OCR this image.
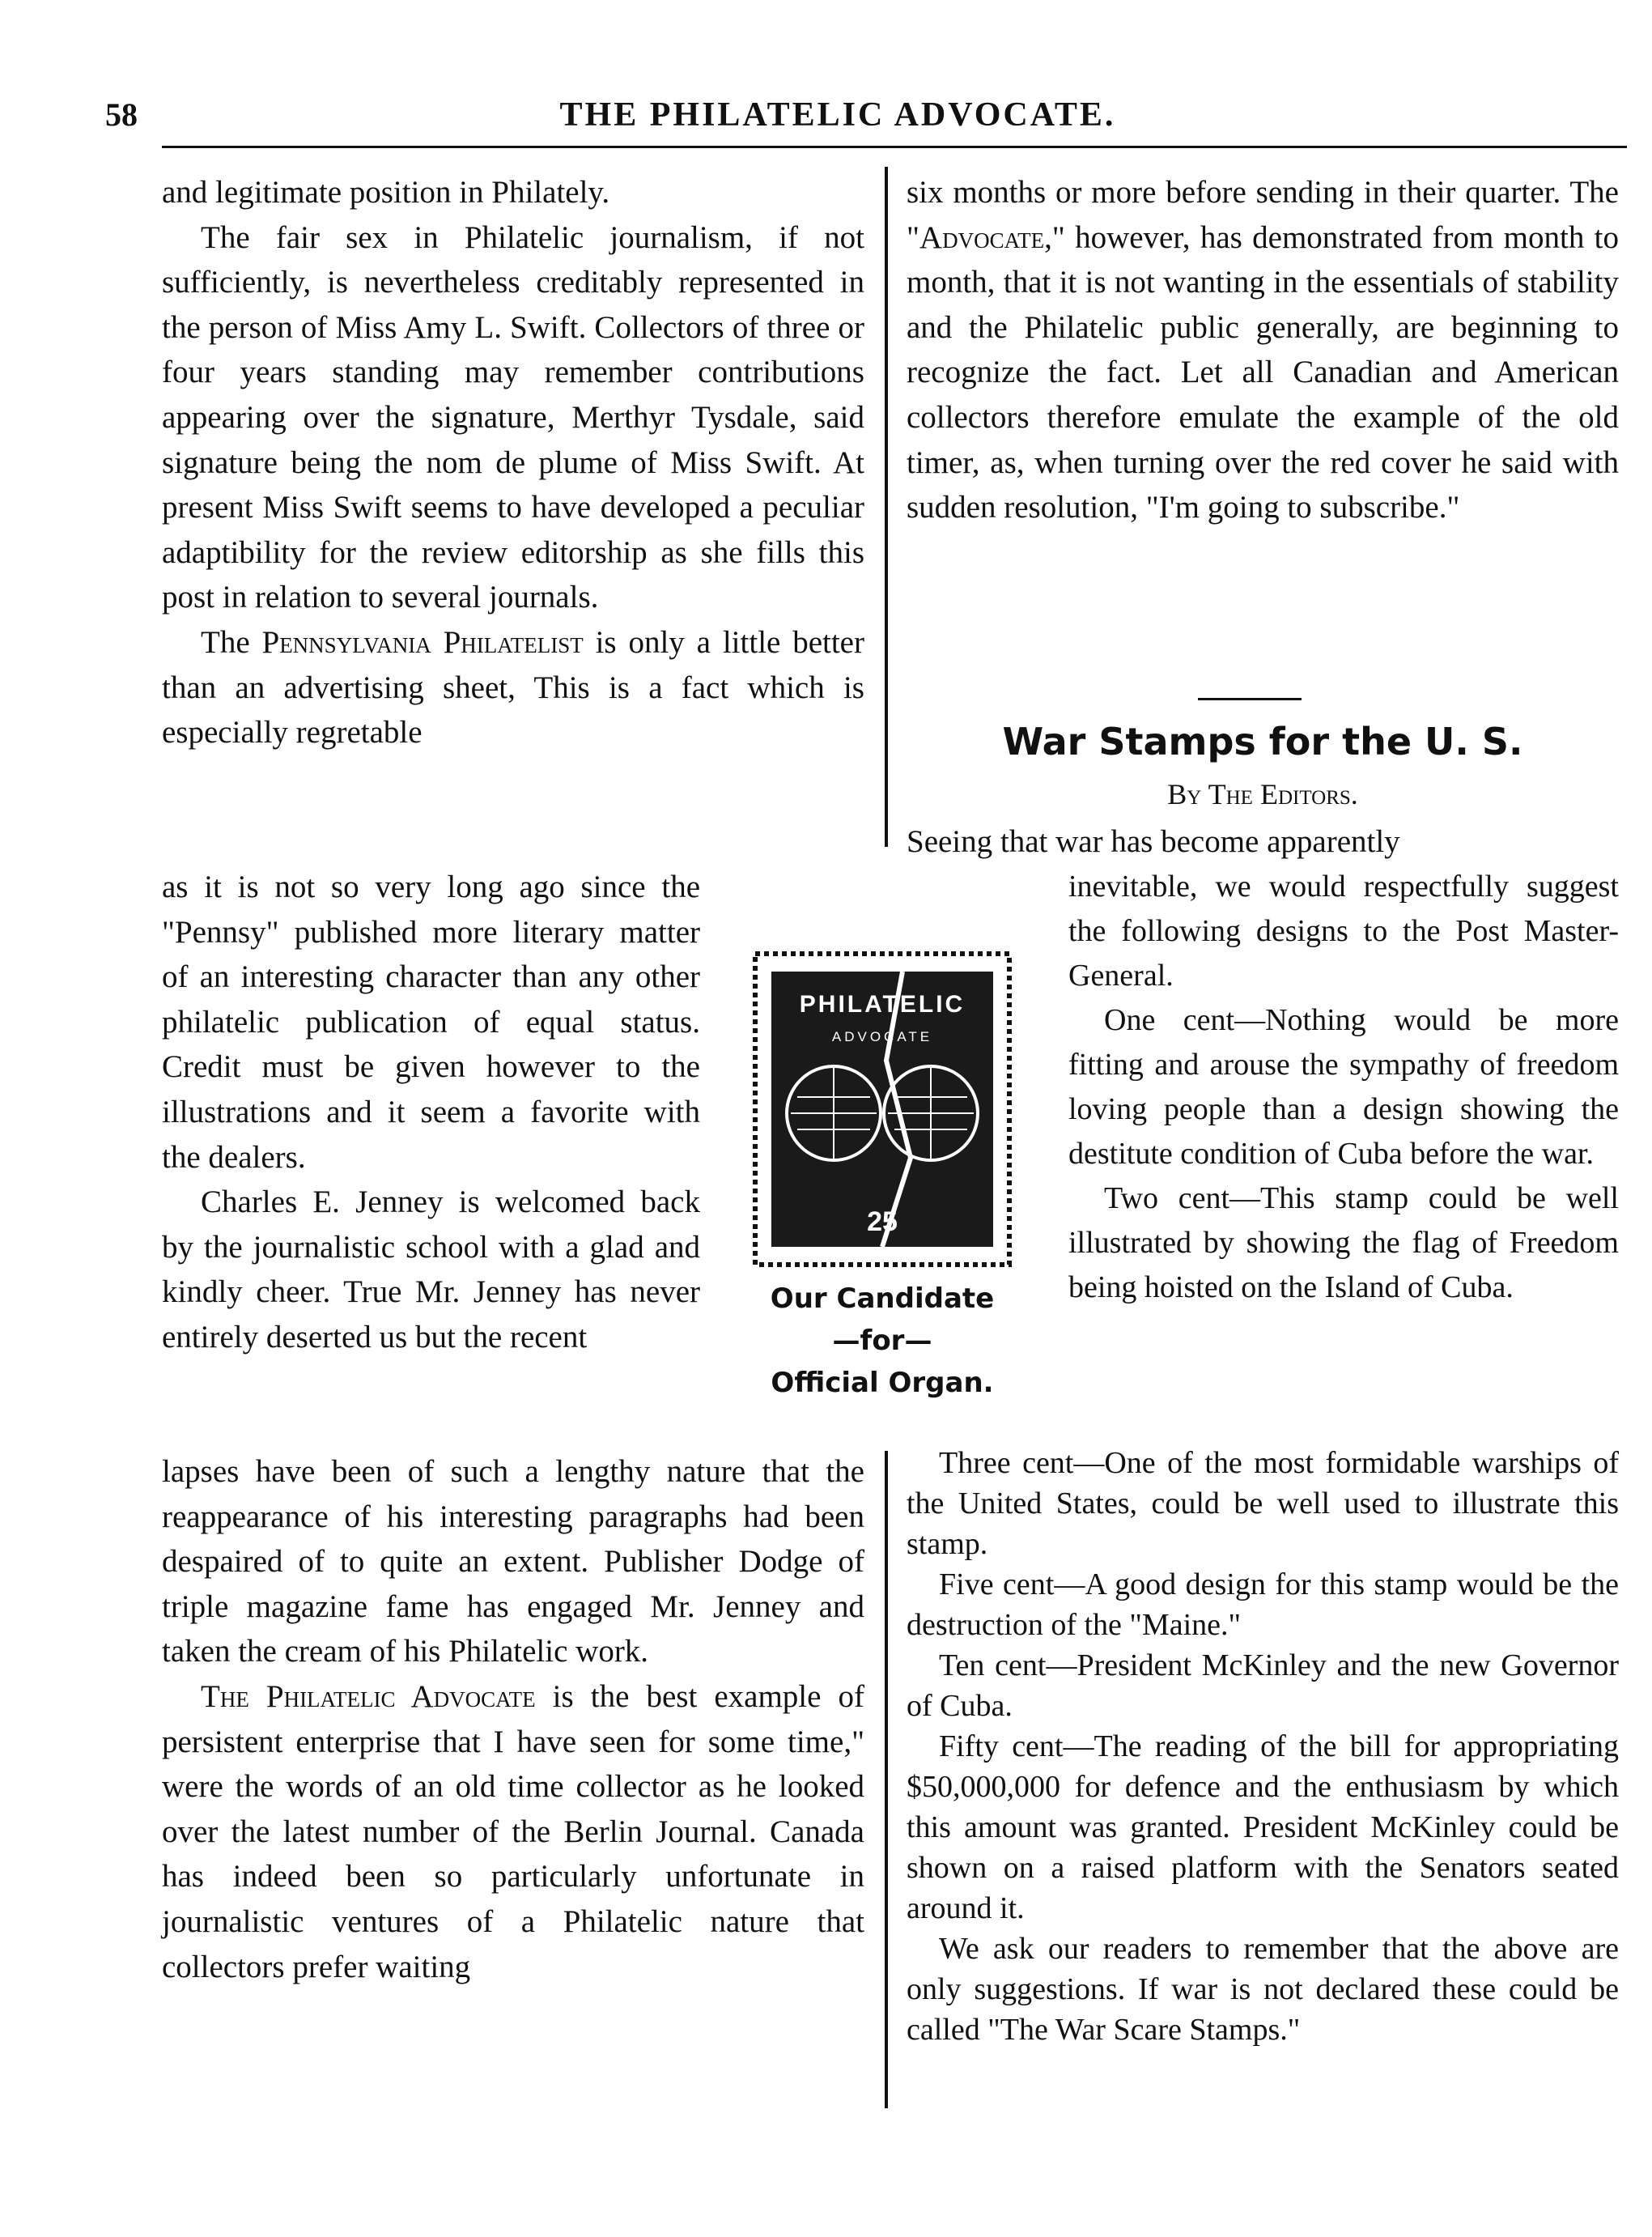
58	THE PHILATELIC ADVOCATE.

and legitimate position in Philately.

The fair sex in Philatelic journalism, if not sufficiently, is nevertheless creditably represented in the person of Miss Amy L. Swift. Collectors of three or four years standing may remember contributions appearing over the signature, Merthyr Tysdale, said signature being the nom de plume of Miss Swift. At present Miss Swift seems to have developed a peculiar adaptibility for the review editorship as she fills this post in relation to several journals.

The Pennsylvania Philatelist is only a little better than an advertising sheet, This is a fact which is especially regretable

as it is not so very long ago since the "Pennsy" published more literary matter of an interesting character than any other philatelic publication of equal status. Credit must be given however to the illustrations and it seem a favorite with the dealers.

Charles E. Jenney is welcomed back by the journalistic school with a glad and kindly cheer. True Mr. Jenney has never entirely deserted us but the recent

lapses have been of such a lengthy nature that the reappearance of his interesting paragraphs had been despaired of to quite an extent. Publisher Dodge of triple magazine fame has engaged Mr. Jenney and taken the cream of his Philatelic work.

The Philatelic Advocate is the best example of persistent enterprise that I have seen for some time," were the words of an old time collector as he looked over the latest number of the Berlin Journal. Canada has indeed been so particularly unfortunate in journalistic ventures of a Philatelic nature that collectors prefer waiting

PHILATELIC
ADVOCATE
25
Our Candidate
—for—
Official Organ.

six months or more before sending in their quarter. The "Advocate," however, has demonstrated from month to month, that it is not wanting in the essentials of stability and the Philatelic public generally, are beginning to recognize the fact. Let all Canadian and American collectors therefore emulate the example of the old timer, as, when turning over the red cover he said with sudden resolution, "I'm going to subscribe."

War Stamps for the U. S.
By The Editors.
Seeing that war has become apparently

inevitable, we would respectfully suggest the following designs to the Post Master-General.

One cent—Nothing would be more fitting and arouse the sympathy of freedom loving people than a design showing the destitute condition of Cuba before the war.

Two cent—This stamp could be well illustrated by showing the flag of Freedom being hoisted on the Island of Cuba.

Three cent—One of the most formidable warships of the United States, could be well used to illustrate this stamp.

Five cent—A good design for this stamp would be the destruction of the "Maine."

Ten cent—President McKinley and the new Governor of Cuba.

Fifty cent—The reading of the bill for appropriating $50,000,000 for defence and the enthusiasm by which this amount was granted. President McKinley could be shown on a raised platform with the Senators seated around it.

We ask our readers to remember that the above are only suggestions. If war is not declared these could be called "The War Scare Stamps."
